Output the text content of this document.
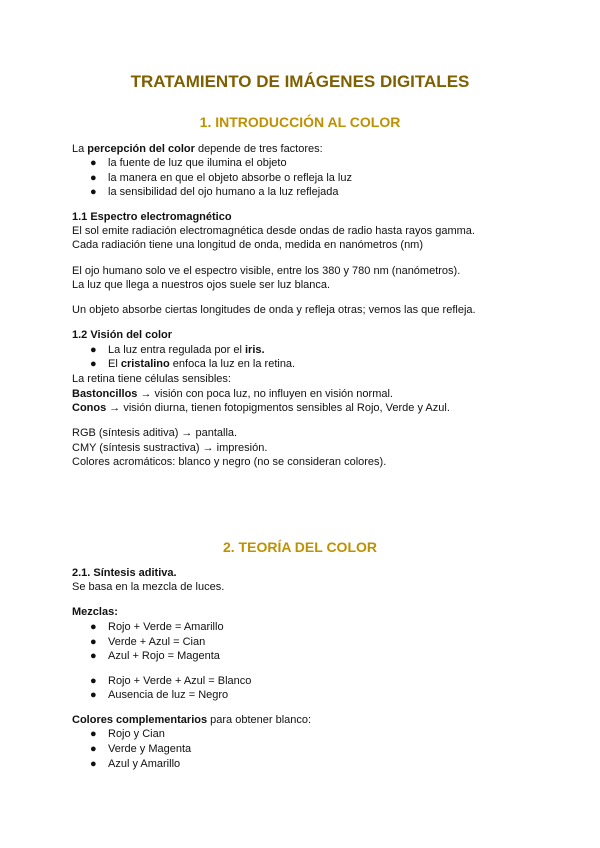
TRATAMIENTO DE IMÁGENES DIGITALES
1. INTRODUCCIÓN AL COLOR
La percepción del color depende de tres factores:
● la fuente de luz que ilumina el objeto
● la manera en que el objeto absorbe o refleja la luz
● la sensibilidad del ojo humano a la luz reflejada
1.1 Espectro electromagnético
El sol emite radiación electromagnética desde ondas de radio hasta rayos gamma.
Cada radiación tiene una longitud de onda, medida en nanómetros (nm)
El ojo humano solo ve el espectro visible, entre los 380 y 780 nm (nanómetros).
La luz que llega a nuestros ojos suele ser luz blanca.
Un objeto absorbe ciertas longitudes de onda y refleja otras; vemos las que refleja.
1.2 Visión del color
● La luz entra regulada por el iris.
● El cristalino enfoca la luz en la retina.
La retina tiene células sensibles:
Bastoncillos → visión con poca luz, no influyen en visión normal.
Conos → visión diurna, tienen fotopigmentos sensibles al Rojo, Verde y Azul.
RGB (síntesis aditiva) → pantalla.
CMY (síntesis sustractiva) → impresión.
Colores acromáticos: blanco y negro (no se consideran colores).
2. TEORÍA DEL COLOR
2.1. Síntesis aditiva.
Se basa en la mezcla de luces.
Mezclas:
● Rojo + Verde = Amarillo
● Verde + Azul = Cian
● Azul + Rojo = Magenta
● Rojo + Verde + Azul = Blanco
● Ausencia de luz = Negro
Colores complementarios para obtener blanco:
● Rojo y Cian
● Verde y Magenta
● Azul y Amarillo
